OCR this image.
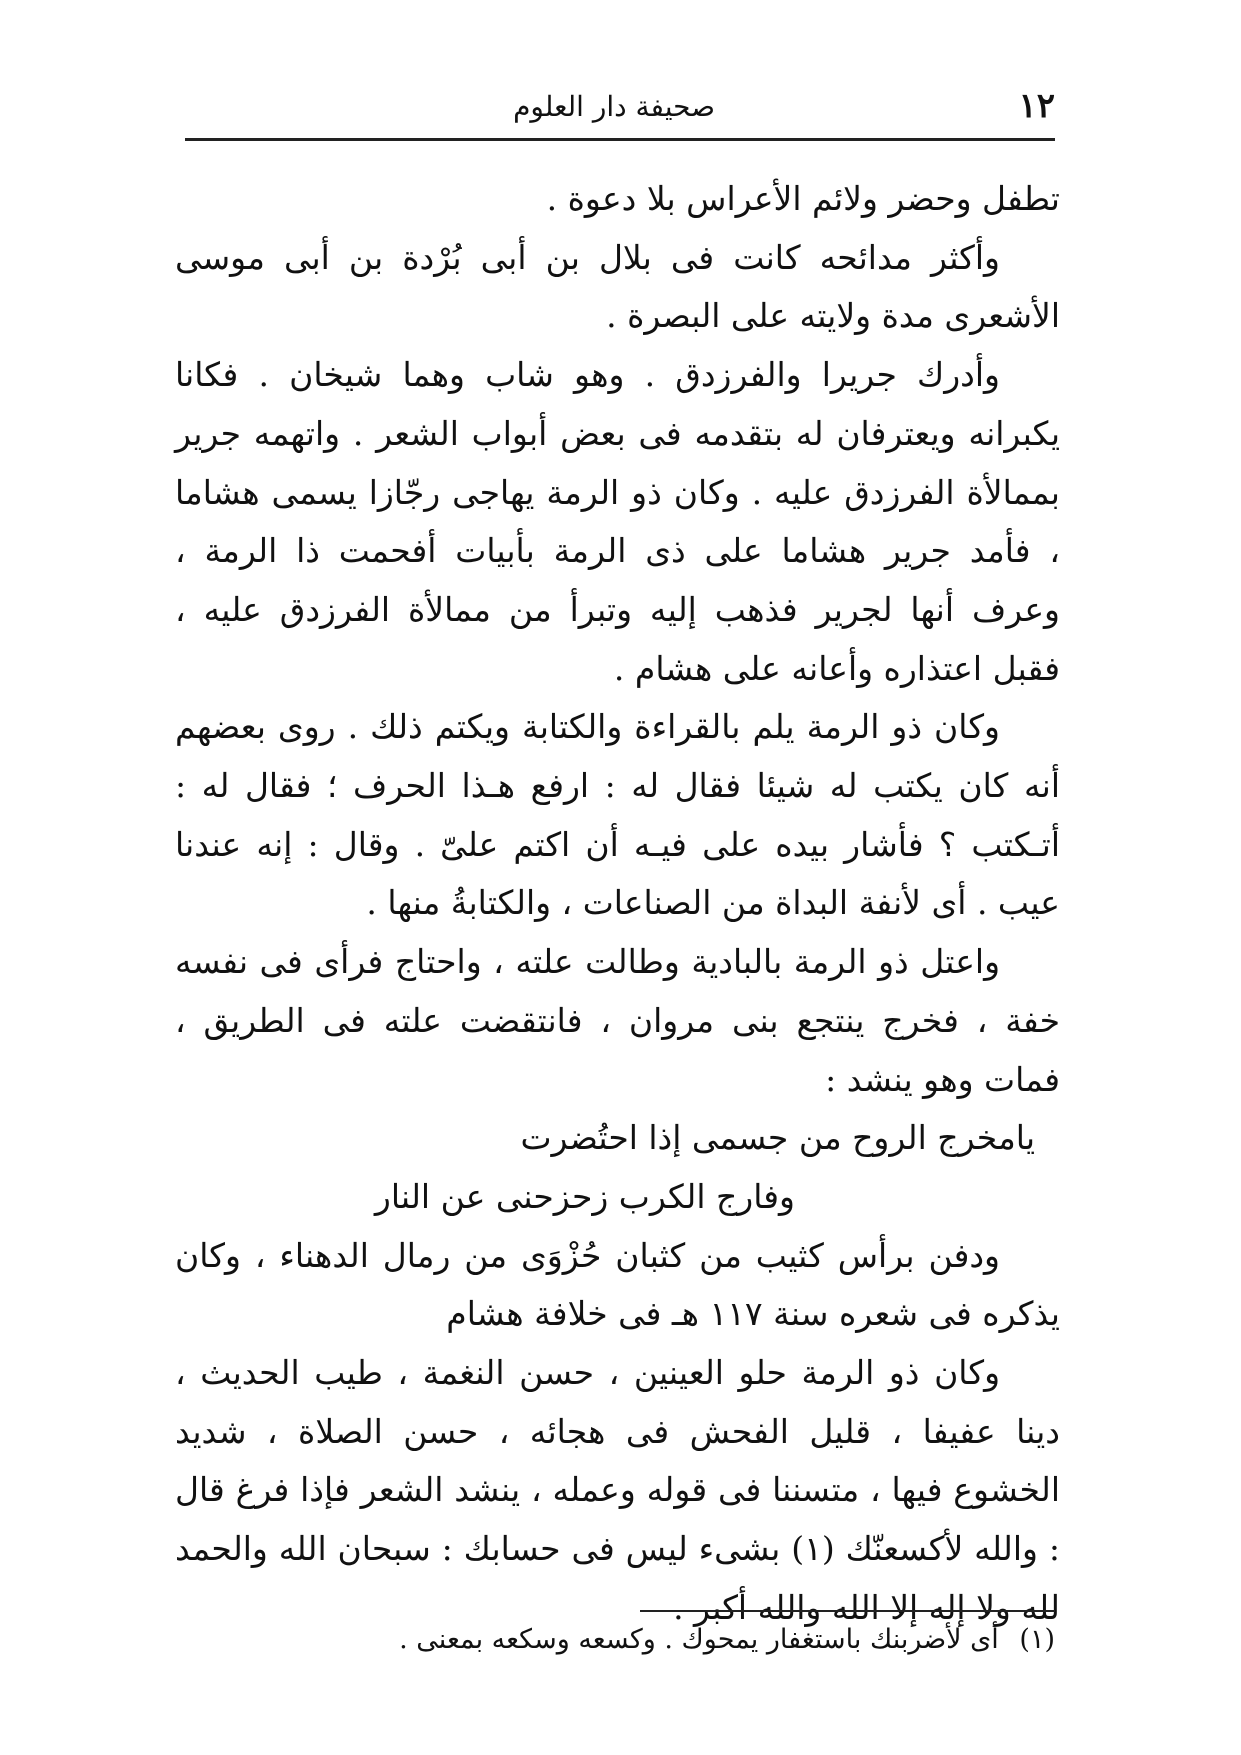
١٢
صحيفة دار العلوم

تطفل وحضر ولائم الأعراس بلا دعوة .

وأكثر مدائحه كانت فى بلال بن أبى بُرْدة بن أبى موسى الأشعرى مدة ولايته على البصرة .

وأدرك جريرا والفرزدق . وهو شاب وهما شيخان . فكانا يكبرانه ويعترفان له بتقدمه فى بعض أبواب الشعر . واتهمه جرير بممالأة الفرزدق عليه . وكان ذو الرمة يهاجى رجّازا يسمى هشاما ، فأمد جرير هشاما على ذى الرمة بأبيات أفحمت ذا الرمة ، وعرف أنها لجرير فذهب إليه وتبرأ من ممالأة الفرزدق عليه ، فقبل اعتذاره وأعانه على هشام .

وكان ذو الرمة يلم بالقراءة والكتابة ويكتم ذلك . روى بعضهم أنه كان يكتب له شيئا فقال له : ارفع هـذا الحرف ؛ فقال له : أتـكتب ؟ فأشار بيده على فيـه أن اكتم علىّ . وقال : إنه عندنا عيب . أى لأنفة البداة من الصناعات ، والكتابةُ منها .

واعتل ذو الرمة بالبادية وطالت علته ، واحتاج فرأى فى نفسه خفة ، فخرج ينتجع بنى مروان ، فانتقضت علته فى الطريق ، فمات وهو ينشد :

يامخرج الروح من جسمى إذا احتُضرت

وفارج الكرب زحزحنى عن النار

ودفن برأس كثيب من كثبان حُزْوَى من رمال الدهناء ، وكان يذكره فى شعره سنة ١١٧ هـ فى خلافة هشام

وكان ذو الرمة حلو العينين ، حسن النغمة ، طيب الحديث ، دينا عفيفا ، قليل الفحش فى هجائه ، حسن الصلاة ، شديد الخشوع فيها ، متسننا فى قوله وعمله ، ينشد الشعر فإذا فرغ قال : والله لأكسعنّك (١) بشىء ليس فى حسابك : سبحان الله والحمد لله ولا إله إلا الله والله أكبر .

(١) أى لأضربنك باستغفار يمحوك . وكسعه وسكعه بمعنى .
